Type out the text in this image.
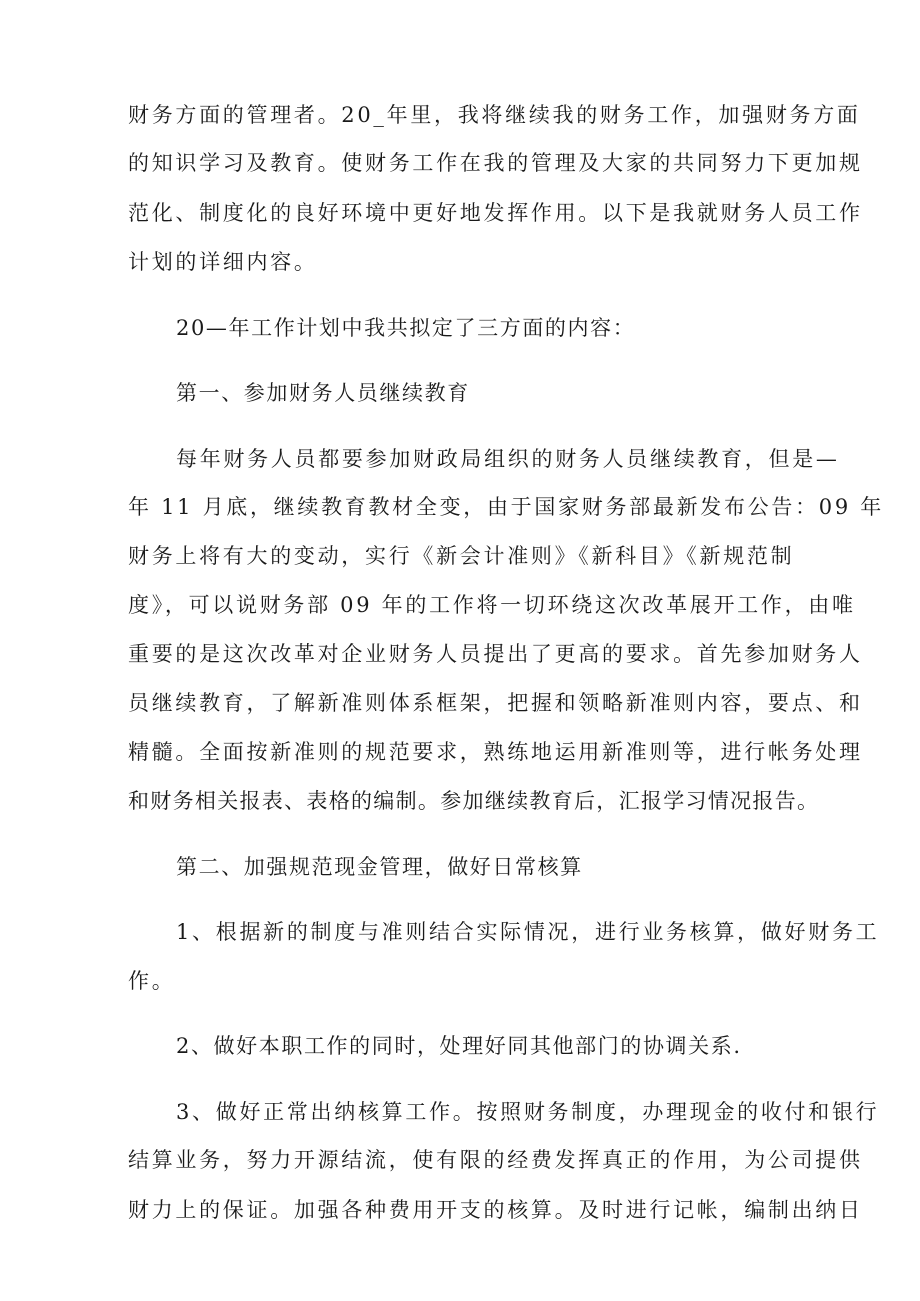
财务方面的管理者。20_年里，我将继续我的财务工作，加强财务方面
的知识学习及教育。使财务工作在我的管理及大家的共同努力下更加规
范化、制度化的良好环境中更好地发挥作用。以下是我就财务人员工作
计划的详细内容。
20—年工作计划中我共拟定了三方面的内容：
第一、参加财务人员继续教育
每年财务人员都要参加财政局组织的财务人员继续教育，但是—
年 11 月底，继续教育教材全变，由于国家财务部最新发布公告：09 年
财务上将有大的变动，实行《新会计准则》《新科目》《新规范制
度》，可以说财务部 09 年的工作将一切环绕这次改革展开工作，由唯
重要的是这次改革对企业财务人员提出了更高的要求。首先参加财务人
员继续教育，了解新准则体系框架，把握和领略新准则内容，要点、和
精髓。全面按新准则的规范要求，熟练地运用新准则等，进行帐务处理
和财务相关报表、表格的编制。参加继续教育后，汇报学习情况报告。
第二、加强规范现金管理，做好日常核算
1、根据新的制度与准则结合实际情况，进行业务核算，做好财务工
作。
2、做好本职工作的同时，处理好同其他部门的协调关系.
3、做好正常出纳核算工作。按照财务制度，办理现金的收付和银行
结算业务，努力开源结流，使有限的经费发挥真正的作用，为公司提供
财力上的保证。加强各种费用开支的核算。及时进行记帐，编制出纳日
